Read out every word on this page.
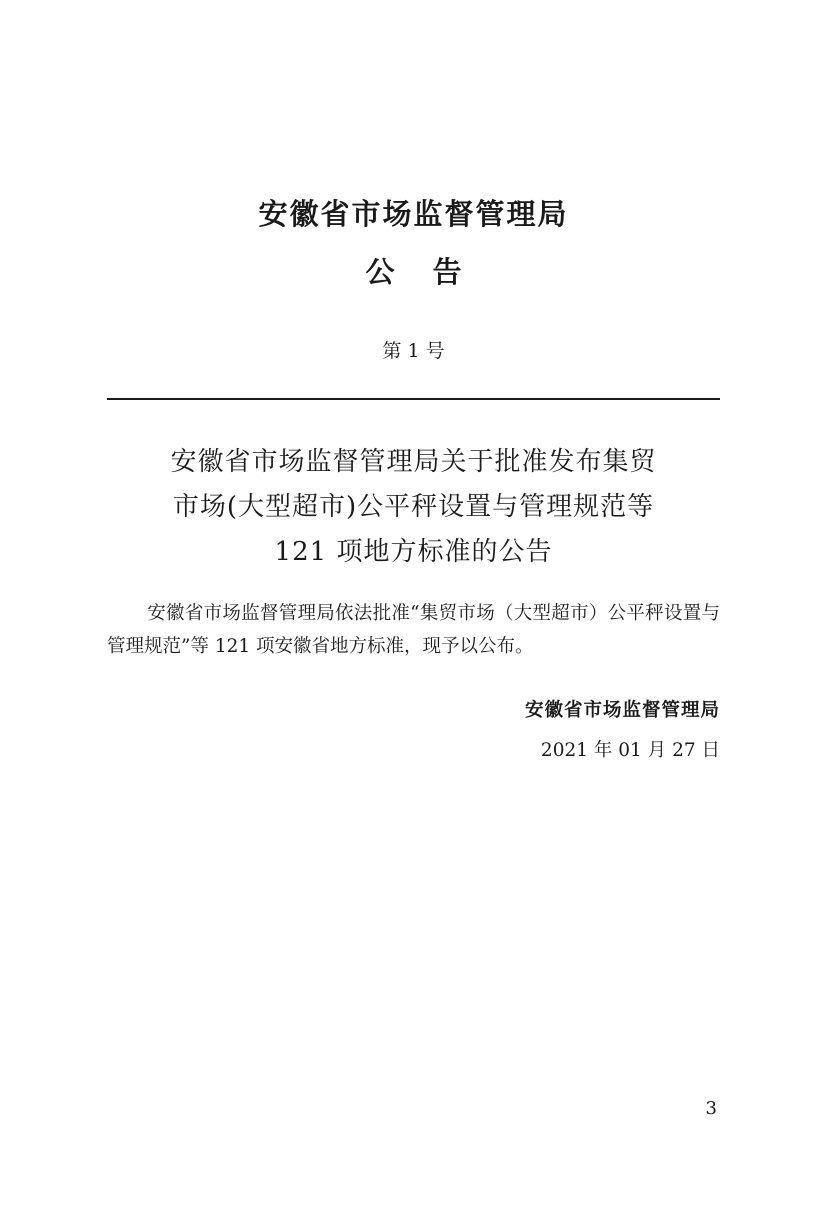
安徽省市场监督管理局
公 告
第 1 号
安徽省市场监督管理局关于批准发布集贸
市场(大型超市)公平秤设置与管理规范等
121 项地方标准的公告
安徽省市场监督管理局依法批准“集贸市场（大型超市）公平秤设置与管理规范”等 121 项安徽省地方标准，现予以公布。
安徽省市场监督管理局
2021 年 01 月 27 日
3
